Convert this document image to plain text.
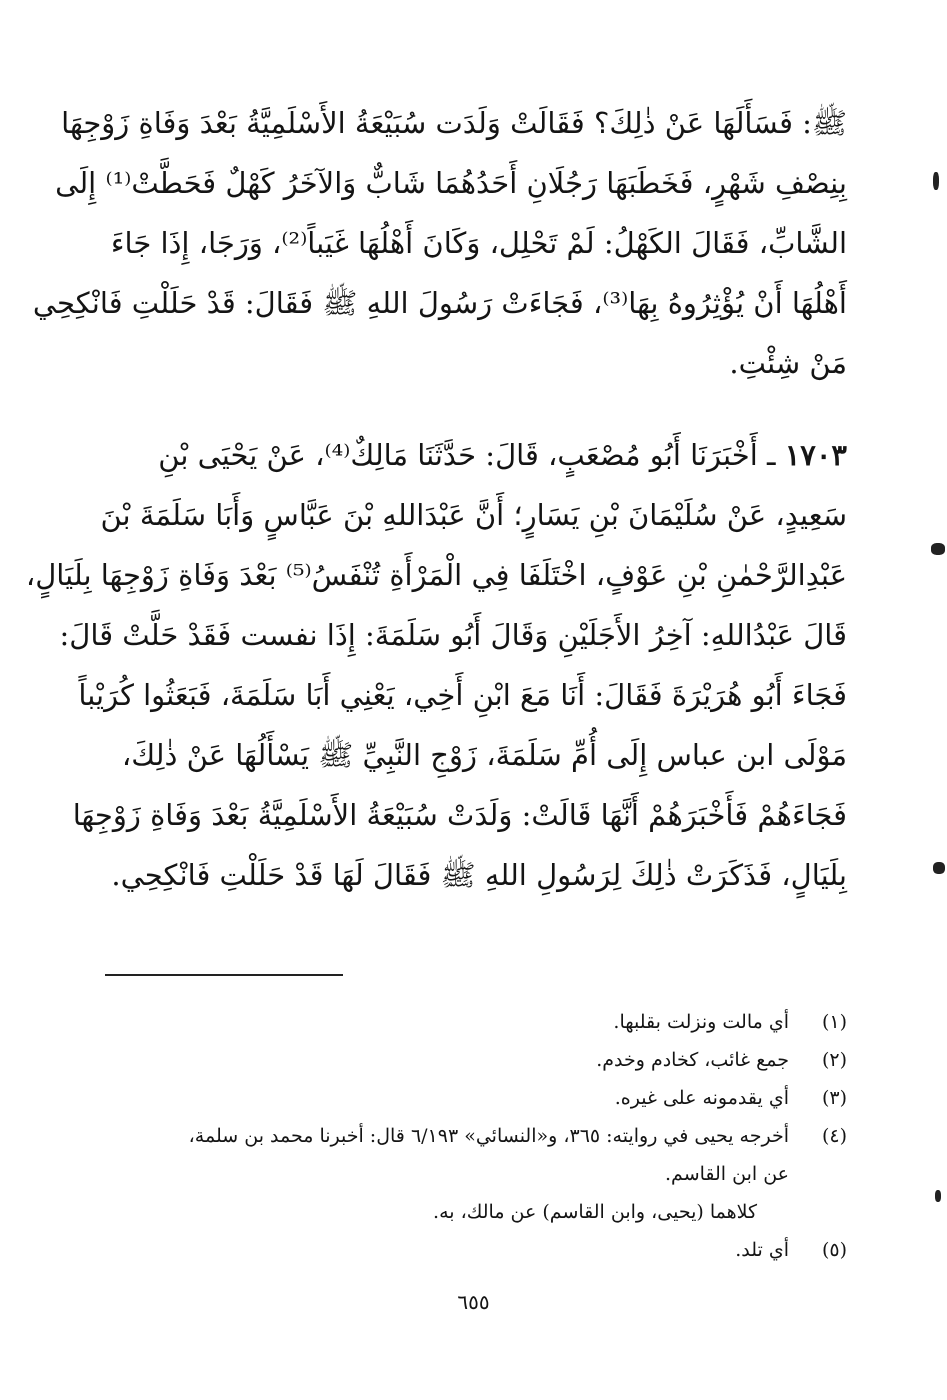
ﷺ: فَسَأَلَهَا عَنْ ذٰلِكَ؟ فَقَالَتْ وَلَدَت سُبَيْعَةُ الأَسْلَمِيَّةُ بَعْدَ وَفَاةِ زَوْجِهَا
بِنِصْفِ شَهْرٍ، فَخَطَبَهَا رَجُلَانِ أَحَدُهُمَا شَابٌّ وَالآخَرُ كَهْلٌ فَحَطَّتْ⁽¹⁾ إِلَى
الشَّابِّ، فَقَالَ الكَهْلُ: لَمْ تَحْلِل، وَكَانَ أَهْلُهَا غَيَباً⁽²⁾، وَرَجَا، إِذَا جَاءَ
أَهْلُهَا أَنْ يُؤْثِرُوهُ بِهَا⁽³⁾، فَجَاءَتْ رَسُولَ اللهِ ﷺ فَقَالَ: قَدْ حَلَلْتِ فَانْكِحِي
مَنْ شِئْتِ.
١٧٠٣ ـ أَخْبَرَنَا أَبُو مُصْعَبٍ، قَالَ: حَدَّثَنَا مَالِكٌ⁽⁴⁾، عَنْ يَحْيَى بْنِ
سَعِيدٍ، عَنْ سُلَيْمَانَ بْنِ يَسَارٍ؛ أَنَّ عَبْدَاللهِ بْنَ عَبَّاسٍ وَأَبَا سَلَمَةَ بْنَ
عَبْدِالرَّحْمٰنِ بْنِ عَوْفٍ، اخْتَلَفَا فِي الْمَرْأَةِ تُنْفَسُ⁽⁵⁾ بَعْدَ وَفَاةِ زَوْجِهَا بِلَيَالٍ،
قَالَ عَبْدُاللهِ: آخِرُ الأَجَلَيْنِ وَقَالَ أَبُو سَلَمَةَ: إِذَا نفست فَقَدْ حَلَّتْ قَالَ:
فَجَاءَ أَبُو هُرَيْرَةَ فَقَالَ: أَنَا مَعَ ابْنِ أَخِي، يَعْنِي أَبَا سَلَمَةَ، فَبَعَثُوا كُرَيْباً
مَوْلَى ابن عباس إِلَى أُمِّ سَلَمَةَ، زَوْجِ النَّبِيِّ ﷺ يَسْأَلُهَا عَنْ ذٰلِكَ،
فَجَاءَهُمْ فَأَخْبَرَهُمْ أَنَّهَا قَالَتْ: وَلَدَتْ سُبَيْعَةُ الأَسْلَمِيَّةُ بَعْدَ وَفَاةِ زَوْجِهَا
بِلَيَالٍ، فَذَكَرَتْ ذٰلِكَ لِرَسُولِ اللهِ ﷺ فَقَالَ لَهَا قَدْ حَلَلْتِ فَانْكِحِي.
(١)
أي مالت ونزلت بقلبها.
(٢)
جمع غائب، كخادم وخدم.
(٣)
أي يقدمونه على غيره.
(٤)
أخرجه يحيى في روايته: ٣٦٥، و«النسائي» ٦/١٩٣ قال: أخبرنا محمد بن سلمة،
عن ابن القاسم.
كلاهما (يحيى، وابن القاسم) عن مالك، به.
(٥)
أي تلد.
٦٥٥
